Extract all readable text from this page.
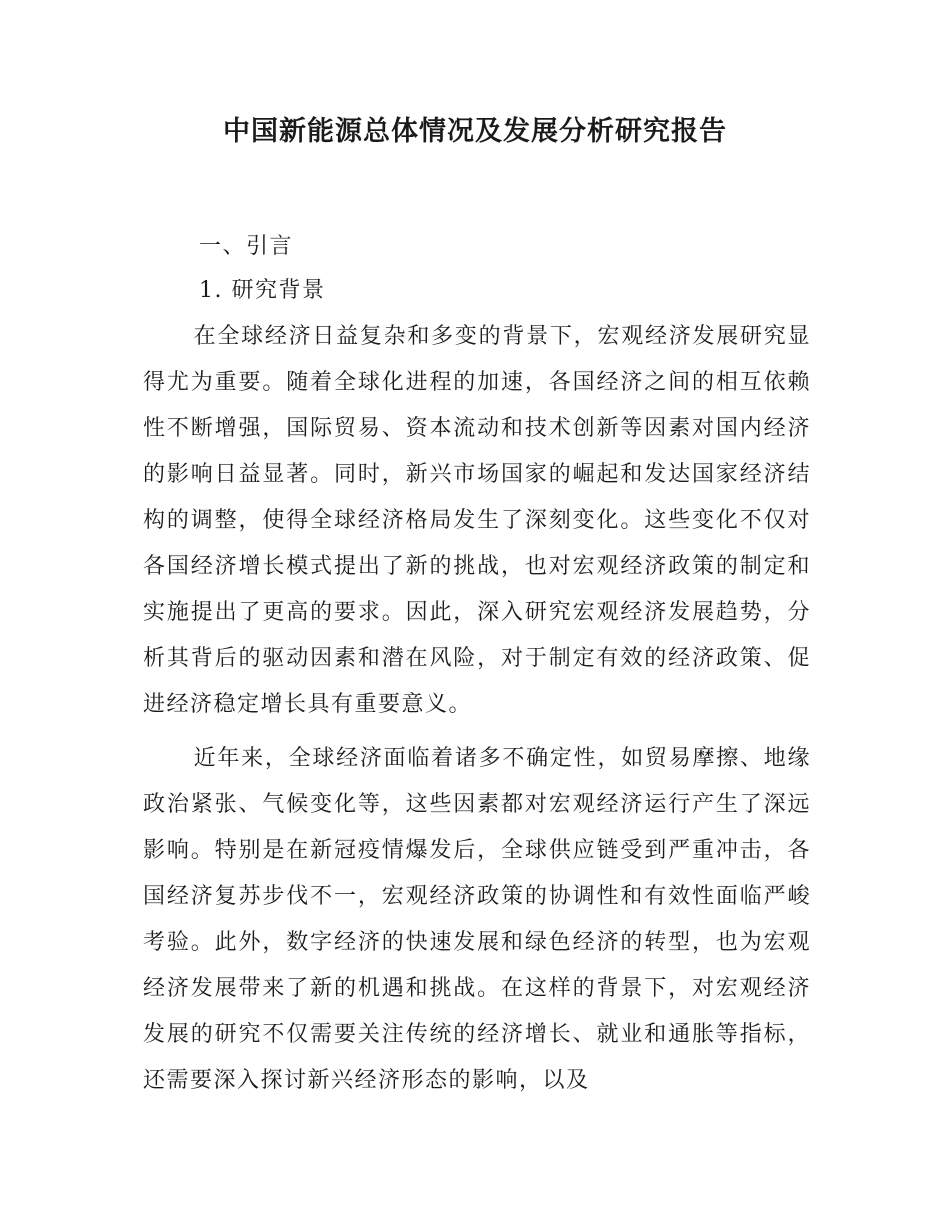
中国新能源总体情况及发展分析研究报告
一、引言
1. 研究背景

在全球经济日益复杂和多变的背景下，宏观经济发展研究显得尤为重要。随着全球化进程的加速，各国经济之间的相互依赖性不断增强，国际贸易、资本流动和技术创新等因素对国内经济的影响日益显著。同时，新兴市场国家的崛起和发达国家经济结构的调整，使得全球经济格局发生了深刻变化。这些变化不仅对各国经济增长模式提出了新的挑战，也对宏观经济政策的制定和实施提出了更高的要求。因此，深入研究宏观经济发展趋势，分析其背后的驱动因素和潜在风险，对于制定有效的经济政策、促进经济稳定增长具有重要意义。

近年来，全球经济面临着诸多不确定性，如贸易摩擦、地缘政治紧张、气候变化等，这些因素都对宏观经济运行产生了深远影响。特别是在新冠疫情爆发后，全球供应链受到严重冲击，各国经济复苏步伐不一，宏观经济政策的协调性和有效性面临严峻考验。此外，数字经济的快速发展和绿色经济的转型，也为宏观经济发展带来了新的机遇和挑战。在这样的背景下，对宏观经济发展的研究不仅需要关注传统的经济增长、就业和通胀等指标，还需要深入探讨新兴经济形态的影响，以及
